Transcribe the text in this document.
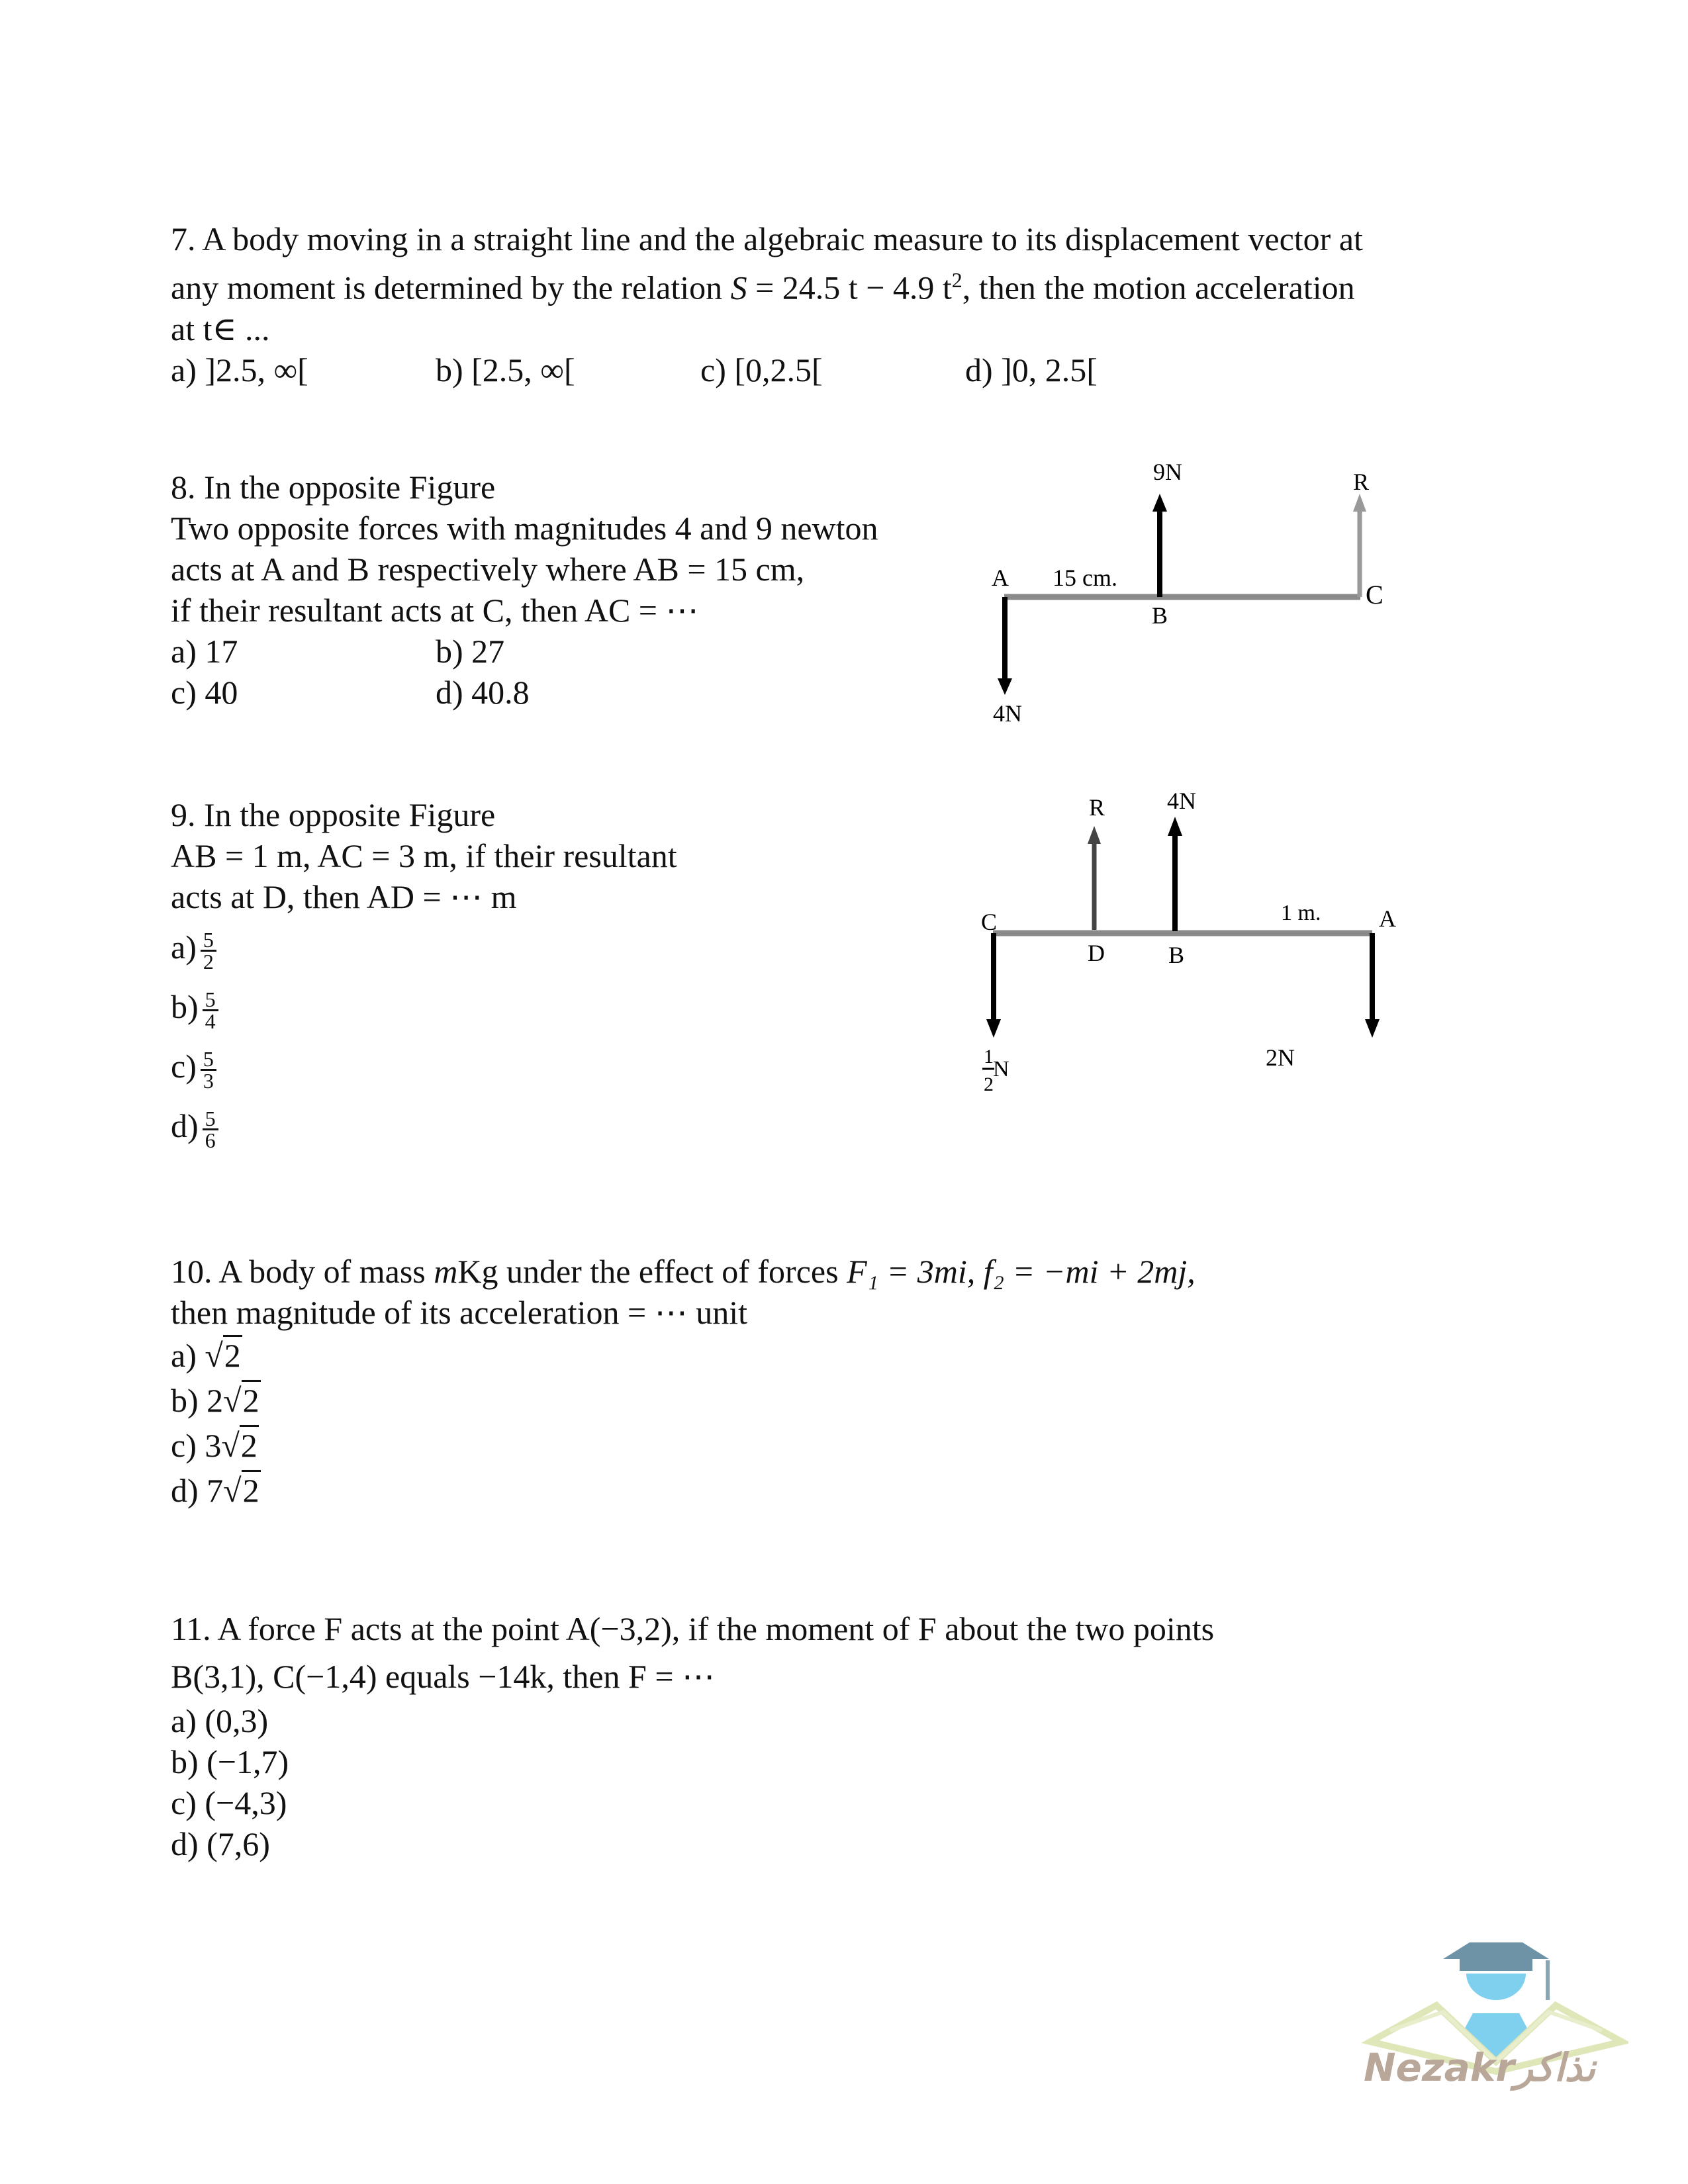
7. A body moving in a straight line and the algebraic measure to its displacement vector at
any moment is determined by the relation S = 24.5 t − 4.9 $t^2$, then the motion acceleration
at t∈ ...
a) ]2.5, ∞[	b) [2.5, ∞[	c) [0,2.5[	d) ]0, 2.5[
8. In the opposite Figure
Two opposite forces with magnitudes 4 and 9 newton
acts at A and B respectively where AB = 15 cm,
if their resultant acts at C, then AC = ⋯
a) 17	b) 27
c) 40	d) 40.8
A 15 cm.
B
C
9N	R
4N
9. In the opposite Figure
AB = 1 m, AC = 3 m, if their resultant
acts at D, then AD = ⋯ m
$a) \frac{5}{2}$
$b) \frac{5}{4}$
$c) \frac{5}{3}$
$d) \frac{5}{6}$
C
D	B
1 m. A
R	4N
2N
1
N
2
10. A body of mass mKg under the effect of forces F₁ = 3mi, f₂ = −mi + 2mj,
then magnitude of its acceleration = ⋯ unit
a) √2
b) 2√2
c) 3√2
d) 7√2
11. A force F acts at the point A(−3,2), if the moment of F about the two points
B(3,1), C(−1,4) equals −14k, then F = ⋯
a) (0,3)
b) (−1,7)
c) (−4,3)
d) (7,6)
Nezakrنذاكر
